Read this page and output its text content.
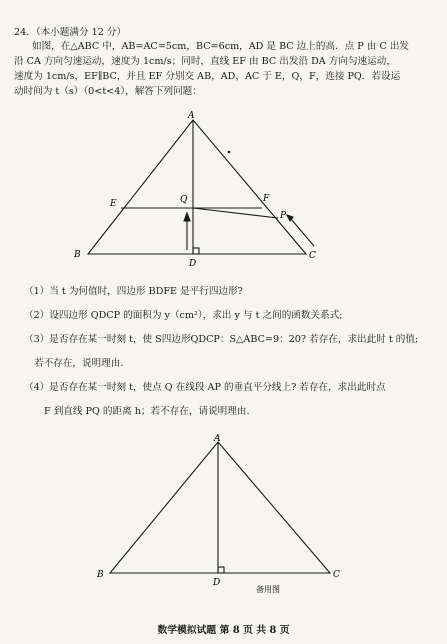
24．（本小题满分 12 分）
如图，在△ABC 中，AB=AC=5cm，BC=6cm，AD 是 BC 边上的高．点 P 由 C 出发
沿 CA 方向匀速运动，速度为 1cm/s；同时，直线 EF 由 BC 出发沿 DA 方向匀速运动，
速度为 1cm/s，EF∥BC，并且 EF 分别交 AB，AD，AC 于 E，Q，F，连接 PQ．若设运
动时间为 t（s）（0<t<4），解答下列问题：
A
B	C
D
E	F
Q
P
（1）当 t 为何值时，四边形 BDFE 是平行四边形?
（2）设四边形 QDCP 的面积为 y（cm²），求出 y 与 t 之间的函数关系式;
（3）是否存在某一时刻 t，使 S四边形QDCP：S△ABC=9：20? 若存在，求出此时 t 的值;
若不存在，说明理由.
（4）是否存在某一时刻 t，使点 Q 在线段 AP 的垂直平分线上? 若存在，求出此时点
F 到直线 PQ 的距离 h；若不存在，请说明理由.
A
B	C
D
备用图
数学模拟试题 第 8 页 共 8 页
